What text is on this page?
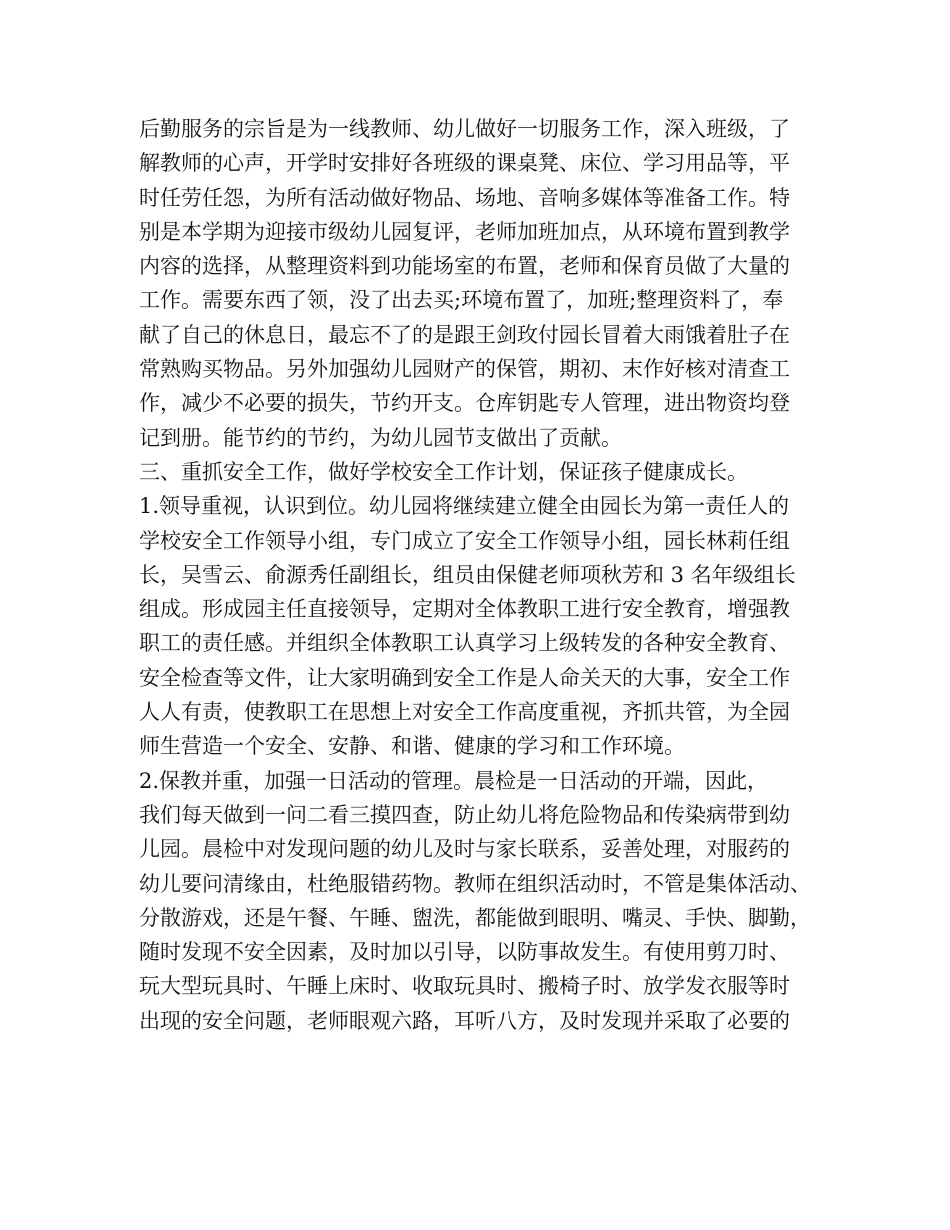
后勤服务的宗旨是为一线教师、幼儿做好一切服务工作，深入班级，了
解教师的心声，开学时安排好各班级的课桌凳、床位、学习用品等，平
时任劳任怨，为所有活动做好物品、场地、音响多媒体等准备工作。特
别是本学期为迎接市级幼儿园复评，老师加班加点，从环境布置到教学
内容的选择，从整理资料到功能场室的布置，老师和保育员做了大量的
工作。需要东西了领，没了出去买;环境布置了，加班;整理资料了，奉
献了自己的休息日，最忘不了的是跟王剑玫付园长冒着大雨饿着肚子在
常熟购买物品。另外加强幼儿园财产的保管，期初、末作好核对清查工
作，减少不必要的损失，节约开支。仓库钥匙专人管理，进出物资均登
记到册。能节约的节约，为幼儿园节支做出了贡献。
三、重抓安全工作，做好学校安全工作计划，保证孩子健康成长。
1.领导重视，认识到位。幼儿园将继续建立健全由园长为第一责任人的
学校安全工作领导小组，专门成立了安全工作领导小组，园长林莉任组
长，吴雪云、俞源秀任副组长，组员由保健老师项秋芳和 3 名年级组长
组成。形成园主任直接领导，定期对全体教职工进行安全教育，增强教
职工的责任感。并组织全体教职工认真学习上级转发的各种安全教育、
安全检查等文件，让大家明确到安全工作是人命关天的大事，安全工作
人人有责，使教职工在思想上对安全工作高度重视，齐抓共管，为全园
师生营造一个安全、安静、和谐、健康的学习和工作环境。
2.保教并重，加强一日活动的管理。晨检是一日活动的开端，因此，
我们每天做到一问二看三摸四查，防止幼儿将危险物品和传染病带到幼
儿园。晨检中对发现问题的幼儿及时与家长联系，妥善处理，对服药的
幼儿要问清缘由，杜绝服错药物。教师在组织活动时，不管是集体活动、
分散游戏，还是午餐、午睡、盥洗，都能做到眼明、嘴灵、手快、脚勤，
随时发现不安全因素，及时加以引导，以防事故发生。有使用剪刀时、
玩大型玩具时、午睡上床时、收取玩具时、搬椅子时、放学发衣服等时
出现的安全问题，老师眼观六路，耳听八方，及时发现并采取了必要的
